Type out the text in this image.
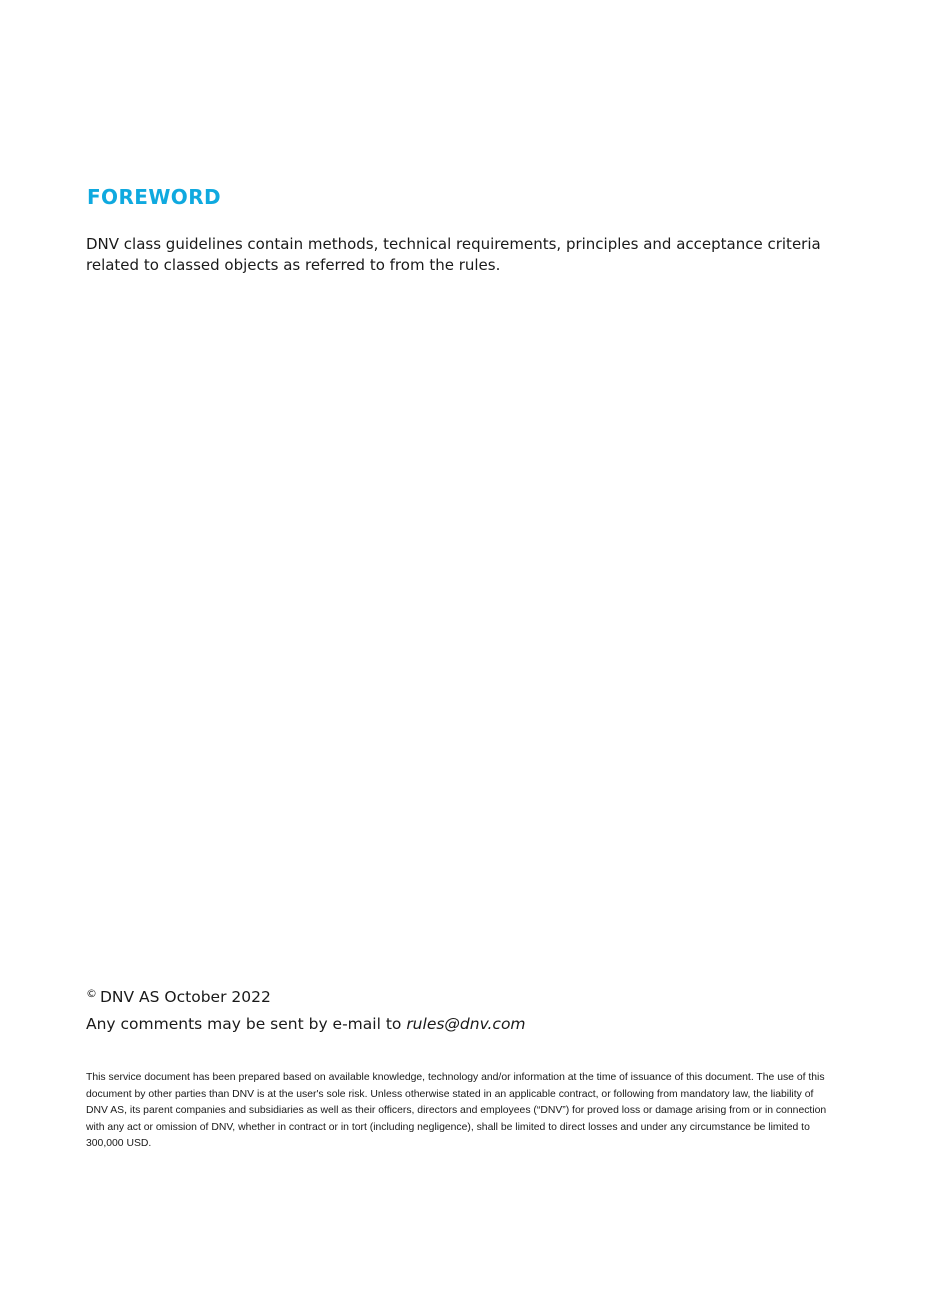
FOREWORD

DNV class guidelines contain methods, technical requirements, principles and acceptance criteria related to classed objects as referred to from the rules.

© DNV AS October 2022

Any comments may be sent by e-mail to rules@dnv.com

This service document has been prepared based on available knowledge, technology and/or information at the time of issuance of this document. The use of this document by other parties than DNV is at the user's sole risk. Unless otherwise stated in an applicable contract, or following from mandatory law, the liability of DNV AS, its parent companies and subsidiaries as well as their officers, directors and employees (“DNV”) for proved loss or damage arising from or in connection with any act or omission of DNV, whether in contract or in tort (including negligence), shall be limited to direct losses and under any circumstance be limited to 300,000 USD.
